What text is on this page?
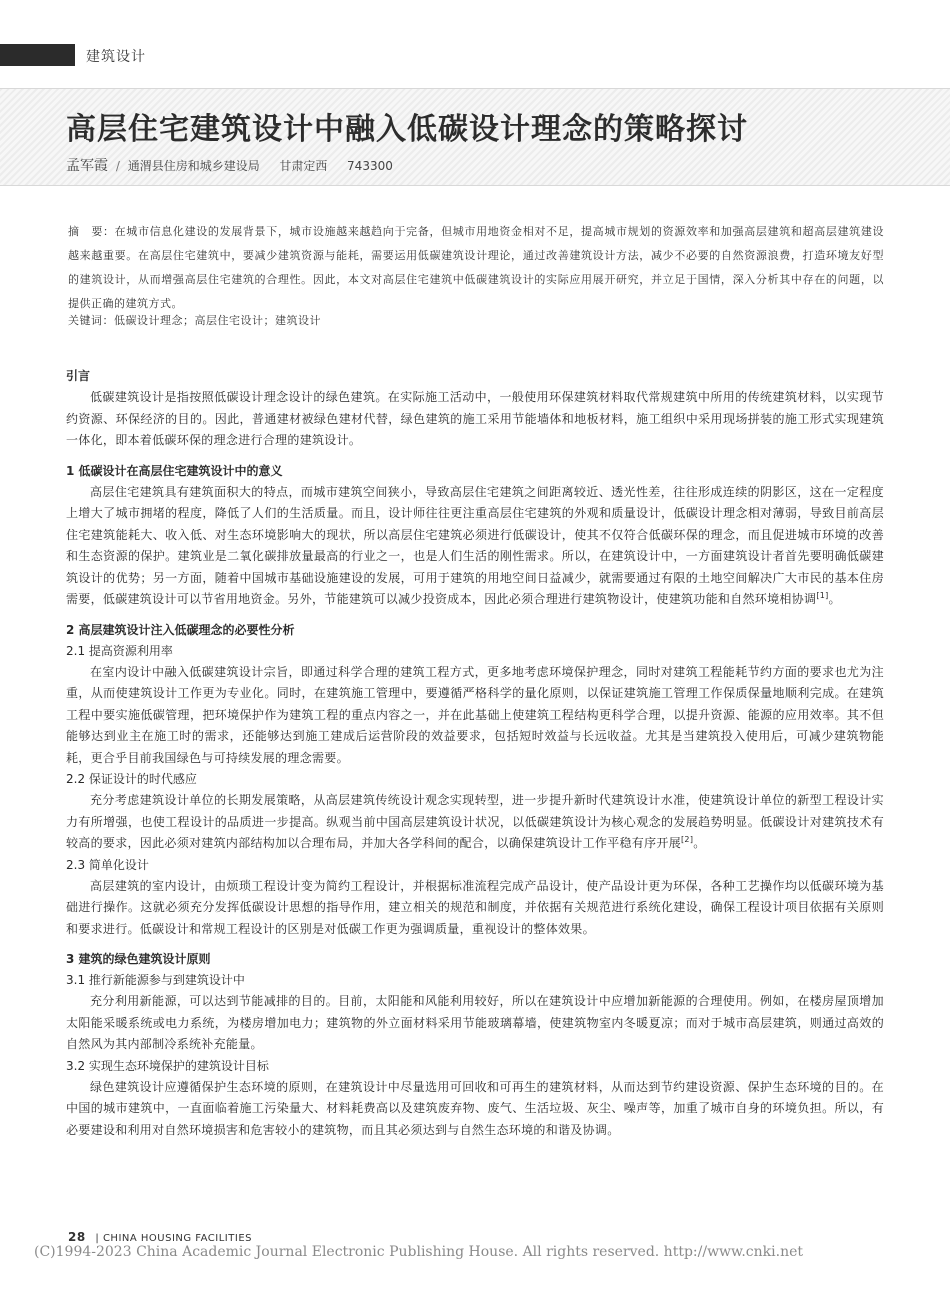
建筑设计
高层住宅建筑设计中融入低碳设计理念的策略探讨
孟军霞 / 通渭县住房和城乡建设局 甘肃定西 743300

摘　要：在城市信息化建设的发展背景下，城市设施越来越趋向于完备，但城市用地资金相对不足，提高城市规划的资源效率和加强高层建筑和超高层建筑建设越来越重要。在高层住宅建筑中，要减少建筑资源与能耗，需要运用低碳建筑设计理论，通过改善建筑设计方法，减少不必要的自然资源浪费，打造环境友好型的建筑设计，从而增强高层住宅建筑的合理性。因此，本文对高层住宅建筑中低碳建筑设计的实际应用展开研究，并立足于国情，深入分析其中存在的问题，以提供正确的建筑方式。

关键词：低碳设计理念；高层住宅设计；建筑设计

引言

低碳建筑设计是指按照低碳设计理念设计的绿色建筑。在实际施工活动中，一般使用环保建筑材料取代常规建筑中所用的传统建筑材料，以实现节约资源、环保经济的目的。因此，普通建材被绿色建材代替，绿色建筑的施工采用节能墙体和地板材料，施工组织中采用现场拼装的施工形式实现建筑一体化，即本着低碳环保的理念进行合理的建筑设计。

1 低碳设计在高层住宅建筑设计中的意义

高层住宅建筑具有建筑面积大的特点，而城市建筑空间狭小，导致高层住宅建筑之间距离较近、透光性差，往往形成连续的阴影区，这在一定程度上增大了城市拥堵的程度，降低了人们的生活质量。而且，设计师往往更注重高层住宅建筑的外观和质量设计，低碳设计理念相对薄弱，导致目前高层住宅建筑能耗大、收入低、对生态环境影响大的现状，所以高层住宅建筑必须进行低碳设计，使其不仅符合低碳环保的理念，而且促进城市环境的改善和生态资源的保护。建筑业是二氧化碳排放量最高的行业之一，也是人们生活的刚性需求。所以，在建筑设计中，一方面建筑设计者首先要明确低碳建筑设计的优势；另一方面，随着中国城市基础设施建设的发展，可用于建筑的用地空间日益减少，就需要通过有限的土地空间解决广大市民的基本住房需要，低碳建筑设计可以节省用地资金。另外，节能建筑可以减少投资成本，因此必须合理进行建筑物设计，使建筑功能和自然环境相协调[1]。

2 高层建筑设计注入低碳理念的必要性分析
2.1 提高资源利用率

在室内设计中融入低碳建筑设计宗旨，即通过科学合理的建筑工程方式，更多地考虑环境保护理念，同时对建筑工程能耗节约方面的要求也尤为注重，从而使建筑设计工作更为专业化。同时，在建筑施工管理中，要遵循严格科学的量化原则，以保证建筑施工管理工作保质保量地顺利完成。在建筑工程中要实施低碳管理，把环境保护作为建筑工程的重点内容之一，并在此基础上使建筑工程结构更科学合理，以提升资源、能源的应用效率。其不但能够达到业主在施工时的需求，还能够达到施工建成后运营阶段的效益要求，包括短时效益与长远收益。尤其是当建筑投入使用后，可减少建筑物能耗，更合乎目前我国绿色与可持续发展的理念需要。

2.2 保证设计的时代感应

充分考虑建筑设计单位的长期发展策略，从高层建筑传统设计观念实现转型，进一步提升新时代建筑设计水准，使建筑设计单位的新型工程设计实力有所增强，也使工程设计的品质进一步提高。纵观当前中国高层建筑设计状况，以低碳建筑设计为核心观念的发展趋势明显。低碳设计对建筑技术有较高的要求，因此必须对建筑内部结构加以合理布局，并加大各学科间的配合，以确保建筑设计工作平稳有序开展[2]。

2.3 简单化设计

高层建筑的室内设计，由烦琐工程设计变为简约工程设计，并根据标准流程完成产品设计，使产品设计更为环保，各种工艺操作均以低碳环境为基础进行操作。这就必须充分发挥低碳设计思想的指导作用，建立相关的规范和制度，并依据有关规范进行系统化建设，确保工程设计项目依据有关原则和要求进行。低碳设计和常规工程设计的区别是对低碳工作更为强调质量，重视设计的整体效果。

3 建筑的绿色建筑设计原则
3.1 推行新能源参与到建筑设计中

充分利用新能源，可以达到节能减排的目的。目前，太阳能和风能利用较好，所以在建筑设计中应增加新能源的合理使用。例如，在楼房屋顶增加太阳能采暖系统或电力系统，为楼房增加电力；建筑物的外立面材料采用节能玻璃幕墙，使建筑物室内冬暖夏凉；而对于城市高层建筑，则通过高效的自然风为其内部制冷系统补充能量。

3.2 实现生态环境保护的建筑设计目标

绿色建筑设计应遵循保护生态环境的原则，在建筑设计中尽量选用可回收和可再生的建筑材料，从而达到节约建设资源、保护生态环境的目的。在中国的城市建筑中，一直面临着施工污染量大、材料耗费高以及建筑废弃物、废气、生活垃圾、灰尘、噪声等，加重了城市自身的环境负担。所以，有必要建设和利用对自然环境损害和危害较小的建筑物，而且其必须达到与自然生态环境的和谐及协调。

28 | CHINA HOUSING FACILITIES
(C)1994-2023 China Academic Journal Electronic Publishing House. All rights reserved. http://www.cnki.net
